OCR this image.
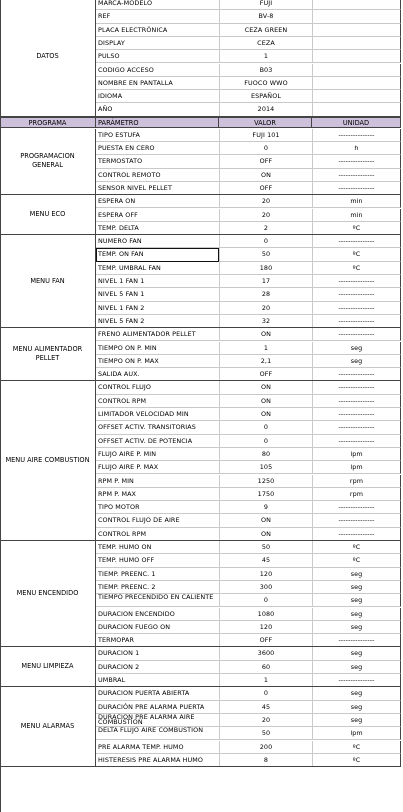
DATOS
MARCA-MODELO	FUJI
REF	BV-8
PLACA ELECTRÓNICA	CEZA GREEN
DISPLAY	CEZA
PULSO	1
CODIGO ACCESO	B03
NOMBRE EN PANTALLA	FUOCO WWO
IDIOMA	ESPAÑOL
AÑO	2014
PROGRAMA	PARÁMETRO	VALOR	UNIDAD
PROGRAMACION GENERAL
TIPO ESTUFA	FUJI 101	---------------
PUESTA EN CERO	0	h
TERMOSTATO	OFF	---------------
CONTROL REMOTO	ON	---------------
SENSOR NIVEL PELLET	OFF	---------------
MENU ECO
ESPERA ON	20	min
ESPERA OFF	20	min
TEMP. DELTA	2	ºC
MENU FAN
NUMERO FAN	0	---------------
TEMP. ON FAN	50	ºC
TEMP. UMBRAL FAN	180	ºC
NIVEL 1 FAN 1	17	---------------
NIVEL 5 FAN 1	28	---------------
NIVEL 1 FAN 2	20	---------------
NIVEL 5 FAN 2	32	---------------
MENU ALIMENTADOR PELLET
FRENO ALIMENTADOR PELLET	ON	---------------
TIEMPO ON P. MIN	1	seg
TIEMPO ON P. MAX	2,1	seg
SALIDA AUX.	OFF	---------------
MENU AIRE COMBUSTION
CONTROL FLUJO	ON	---------------
CONTROL RPM	ON	---------------
LIMITADOR VELOCIDAD MIN	ON	---------------
OFFSET ACTIV. TRANSITORIAS	0	---------------
OFFSET ACTIV. DE POTENCIA	0	---------------
FLUJO AIRE P. MIN	80	lpm
FLUJO AIRE P. MAX	105	lpm
RPM P. MIN	1250	rpm
RPM P. MAX	1750	rpm
TIPO MOTOR	9	---------------
CONTROL FLUJO DE AIRE	ON	---------------
CONTROL RPM	ON	---------------
MENU ENCENDIDO
TEMP. HUMO ON	50	ºC
TEMP. HUMO OFF	45	ºC
TIEMP. PREENC. 1	120	seg
TIEMP. PREENC. 2	300	seg
TIEMPO PRECENDIDO EN CALIENTE	0	seg
DURACION ENCENDIDO	1080	seg
DURACION FUEGO ON	120	seg
TERMOPAR	OFF	---------------
MENU LIMPIEZA
DURACION 1	3600	seg
DURACION 2	60	seg
UMBRAL	1	---------------
MENU ALARMAS
DURACION PUERTA ABIERTA	0	seg
DURACIÓN PRE ALARMA PUERTA	45	seg
DURACION PRE ALARMA AIRE COMBUSTION	20	seg
DELTA FLUJO AIRE COMBUSTION	50	lpm
PRE ALARMA TEMP. HUMO	200	ºC
HISTERESIS PRE ALARMA HUMO	8	ºC
